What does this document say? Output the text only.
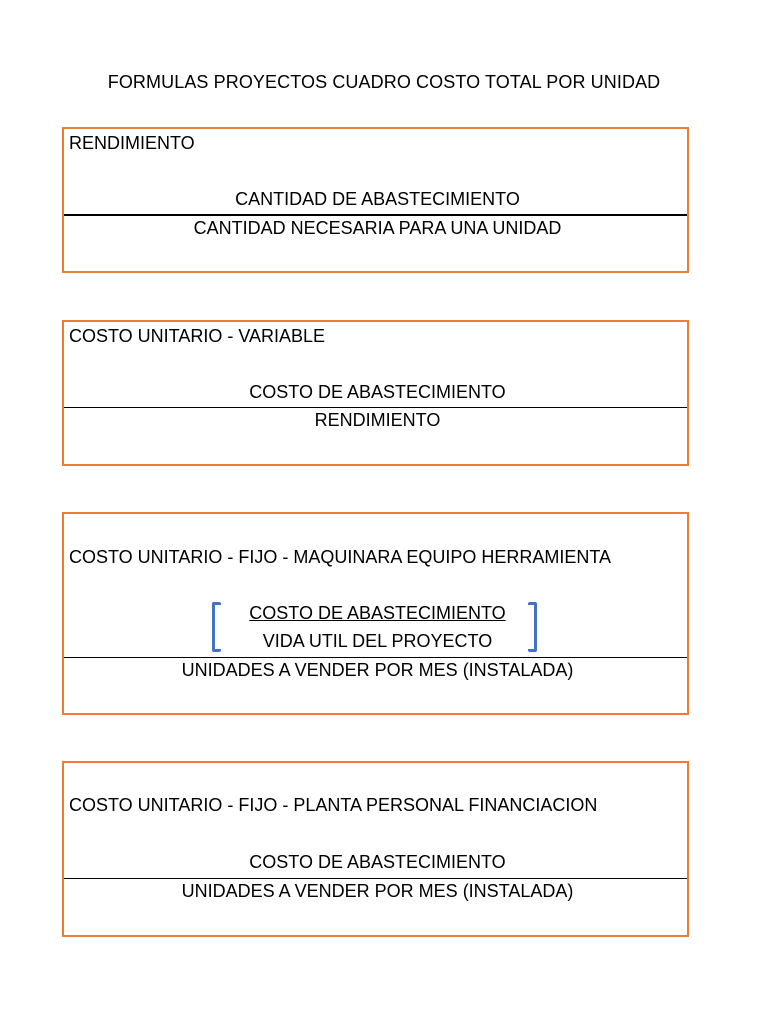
FORMULAS PROYECTOS CUADRO COSTO TOTAL POR UNIDAD
RENDIMIENTO
CANTIDAD DE ABASTECIMIENTO
CANTIDAD NECESARIA PARA UNA UNIDAD
COSTO UNITARIO - VARIABLE
COSTO DE ABASTECIMIENTO
RENDIMIENTO
COSTO UNITARIO - FIJO - MAQUINARA EQUIPO HERRAMIENTA
COSTO DE ABASTECIMIENTO
VIDA UTIL DEL PROYECTO
UNIDADES A VENDER POR MES (INSTALADA)
COSTO UNITARIO - FIJO - PLANTA PERSONAL FINANCIACION
COSTO DE ABASTECIMIENTO
UNIDADES A VENDER POR MES (INSTALADA)
